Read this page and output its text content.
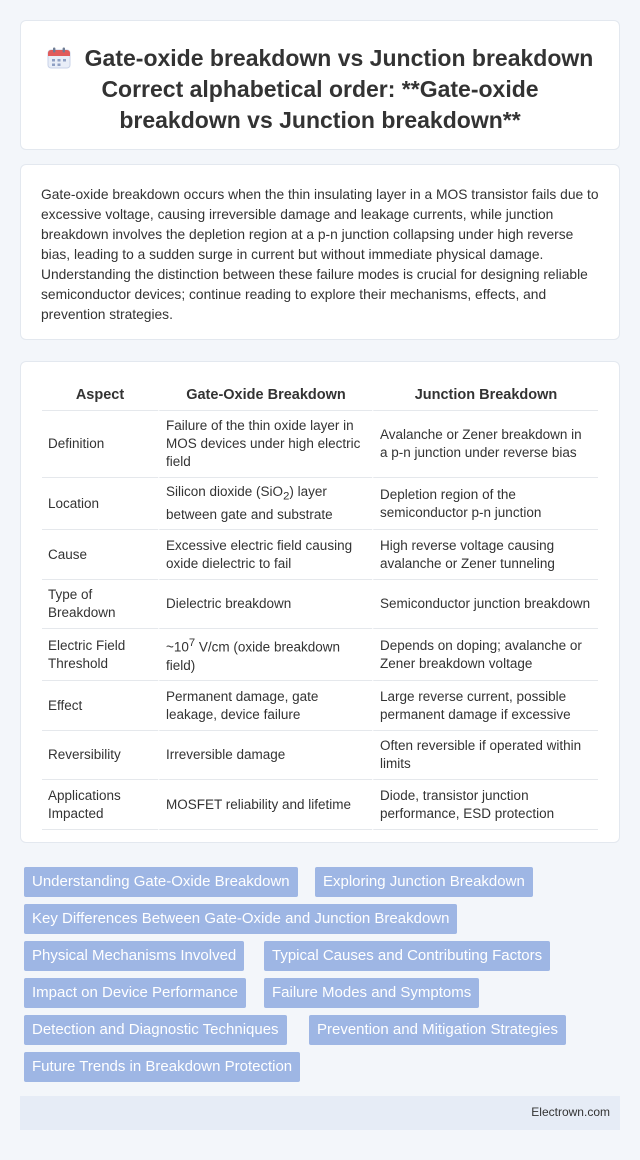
Gate-oxide breakdown vs Junction breakdown Correct alphabetical order: **Gate-oxide breakdown vs Junction breakdown**

Gate-oxide breakdown occurs when the thin insulating layer in a MOS transistor fails due to excessive voltage, causing irreversible damage and leakage currents, while junction breakdown involves the depletion region at a p-n junction collapsing under high reverse bias, leading to a sudden surge in current but without immediate physical damage. Understanding the distinction between these failure modes is crucial for designing reliable semiconductor devices; continue reading to explore their mechanisms, effects, and prevention strategies.

Aspect	Gate-Oxide Breakdown	Junction Breakdown
Definition	Failure of the thin oxide layer in MOS devices under high electric field	Avalanche or Zener breakdown in a p-n junction under reverse bias
Location	Silicon dioxide (SiO$_2$) layer between gate and substrate	Depletion region of the semiconductor p-n junction
Cause	Excessive electric field causing oxide dielectric to fail	High reverse voltage causing avalanche or Zener tunneling
Type of Breakdown	Dielectric breakdown	Semiconductor junction breakdown
Electric Field Threshold	$\sim 10^7$ V/cm (oxide breakdown field)	Depends on doping; avalanche or Zener breakdown voltage
Effect	Permanent damage, gate leakage, device failure	Large reverse current, possible permanent damage if excessive
Reversibility	Irreversible damage	Often reversible if operated within limits
Applications Impacted	MOSFET reliability and lifetime	Diode, transistor junction performance, ESD protection
Understanding Gate-Oxide Breakdown	Exploring Junction Breakdown
Key Differences Between Gate-Oxide and Junction Breakdown
Physical Mechanisms Involved	Typical Causes and Contributing Factors
Impact on Device Performance	Failure Modes and Symptoms
Detection and Diagnostic Techniques	Prevention and Mitigation Strategies
Future Trends in Breakdown Protection
Electrown.com
